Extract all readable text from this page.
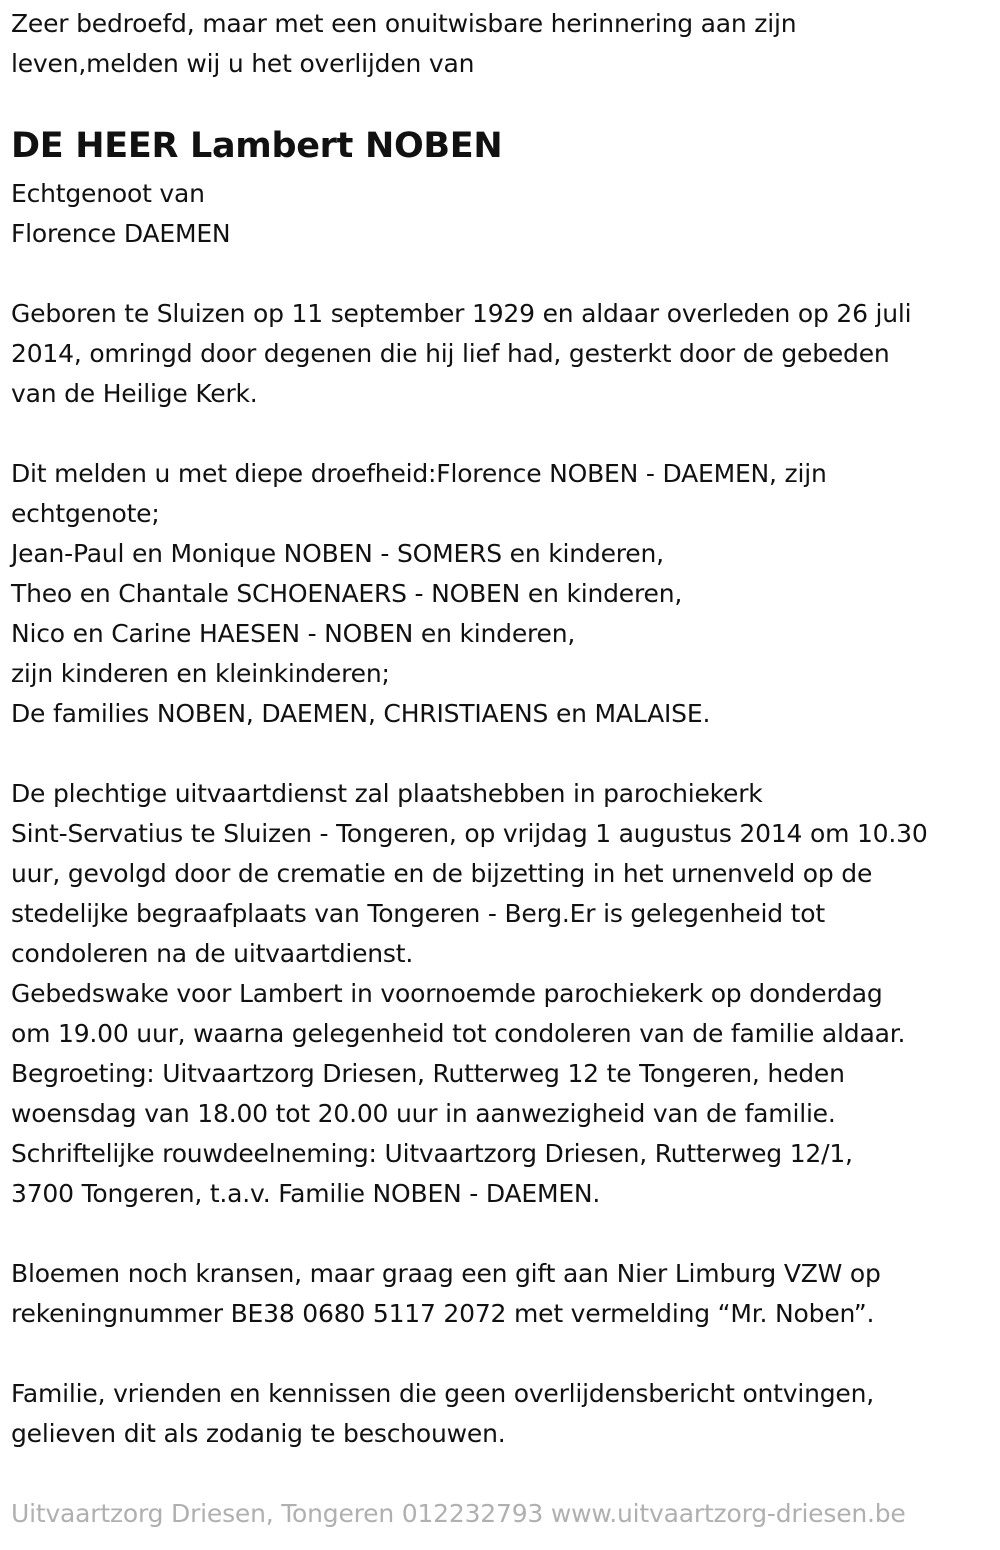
Zeer bedroefd, maar met een onuitwisbare herinnering aan zijn
leven,melden wij u het overlijden van
DE HEER Lambert NOBEN
Echtgenoot van
Florence DAEMEN
Geboren te Sluizen op 11 september 1929 en aldaar overleden op 26 juli
2014, omringd door degenen die hij lief had, gesterkt door de gebeden
van de Heilige Kerk.
Dit melden u met diepe droefheid:Florence NOBEN - DAEMEN, zijn
echtgenote;
Jean-Paul en Monique NOBEN - SOMERS en kinderen,
Theo en Chantale SCHOENAERS - NOBEN en kinderen,
Nico en Carine HAESEN - NOBEN en kinderen,
zijn kinderen en kleinkinderen;
De families NOBEN, DAEMEN, CHRISTIAENS en MALAISE.
De plechtige uitvaartdienst zal plaatshebben in parochiekerk
Sint-Servatius te Sluizen - Tongeren, op vrijdag 1 augustus 2014 om 10.30
uur, gevolgd door de crematie en de bijzetting in het urnenveld op de
stedelijke begraafplaats van Tongeren - Berg.Er is gelegenheid tot
condoleren na de uitvaartdienst.
Gebedswake voor Lambert in voornoemde parochiekerk op donderdag
om 19.00 uur, waarna gelegenheid tot condoleren van de familie aldaar.
Begroeting: Uitvaartzorg Driesen, Rutterweg 12 te Tongeren, heden
woensdag van 18.00 tot 20.00 uur in aanwezigheid van de familie.
Schriftelijke rouwdeelneming: Uitvaartzorg Driesen, Rutterweg 12/1,
3700 Tongeren, t.a.v. Familie NOBEN - DAEMEN.
Bloemen noch kransen, maar graag een gift aan Nier Limburg VZW op
rekeningnummer BE38 0680 5117 2072 met vermelding “Mr. Noben”.
Familie, vrienden en kennissen die geen overlijdensbericht ontvingen,
gelieven dit als zodanig te beschouwen.
Uitvaartzorg Driesen, Tongeren 012232793 www.uitvaartzorg-driesen.be
